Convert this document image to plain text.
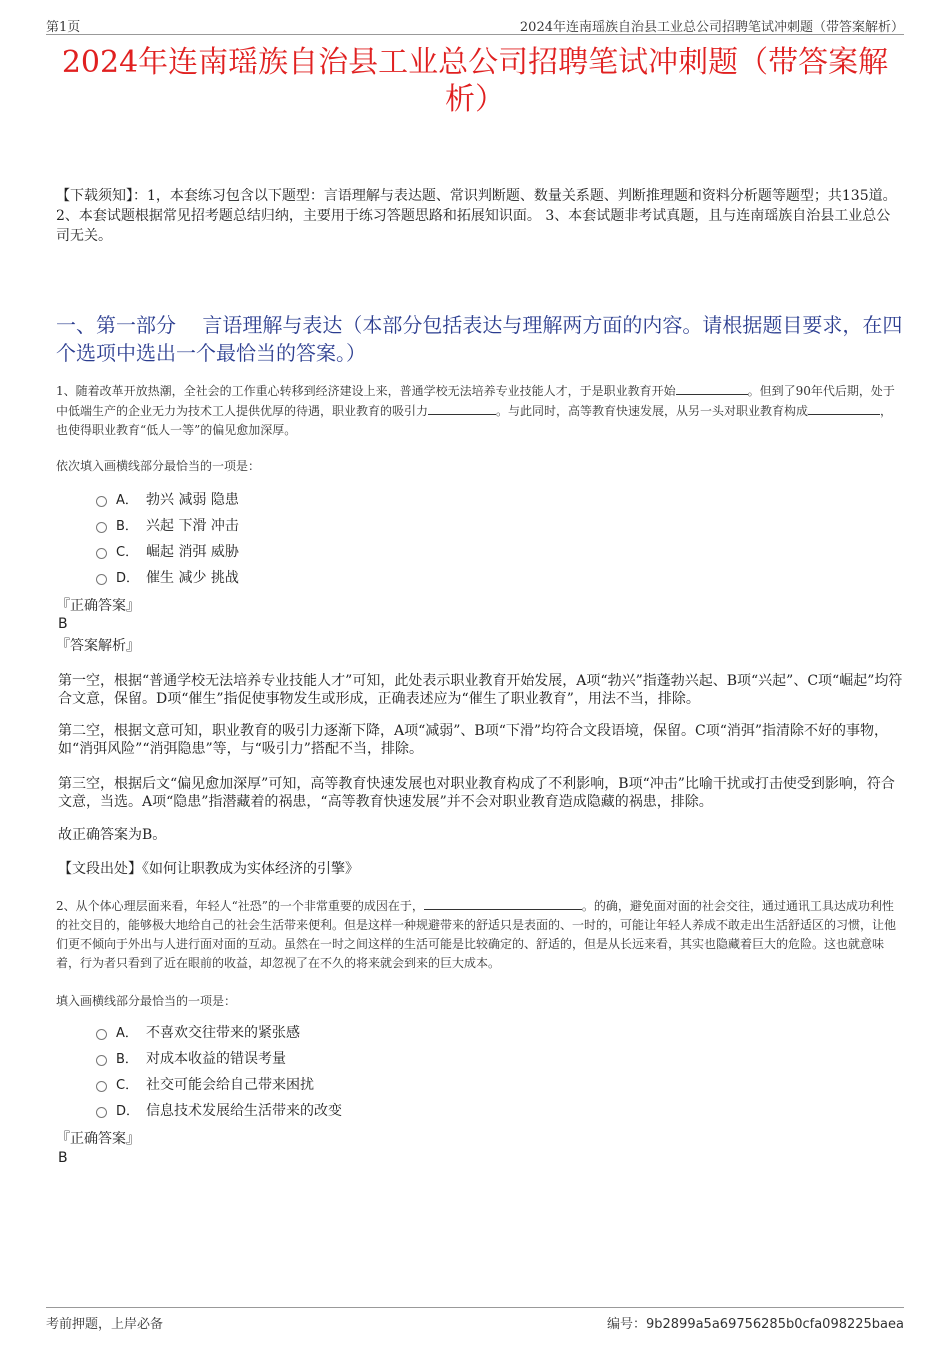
第1页	2024年连南瑶族自治县工业总公司招聘笔试冲刺题（带答案解析）
2024年连南瑶族自治县工业总公司招聘笔试冲刺题（带答案解析）
【下载须知】：1，本套练习包含以下题型：言语理解与表达题、常识判断题、数量关系题、判断推理题和资料分析题等题型；共135道。 2、本套试题根据常见招考题总结归纳，主要用于练习答题思路和拓展知识面。 3、本套试题非考试真题，且与连南瑶族自治县工业总公司无关。
一、第一部分　 言语理解与表达（本部分包括表达与理解两方面的内容。请根据题目要求，在四个选项中选出一个最恰当的答案。）

1、随着改革开放热潮，全社会的工作重心转移到经济建设上来，普通学校无法培养专业技能人才，于是职业教育开始	。但到了90年代后期，处于中低端生产的企业无力为技术工人提供优厚的待遇，职业教育的吸引力	。与此同时，高等教育快速发展，从另一头对职业教育构成	，也使得职业教育“低人一等”的偏见愈加深厚。

依次填入画横线部分最恰当的一项是：

A． 勃兴 减弱 隐患
B． 兴起 下滑 冲击
C． 崛起 消弭 威胁
D． 催生 减少 挑战
『正确答案』
B
『答案解析』

第一空，根据“普通学校无法培养专业技能人才”可知，此处表示职业教育开始发展，A项“勃兴”指蓬勃兴起、B项“兴起”、C项“崛起”均符合文意，保留。D项“催生”指促使事物发生或形成，正确表述应为“催生了职业教育”，用法不当，排除。

第二空，根据文意可知，职业教育的吸引力逐渐下降，A项“减弱”、B项“下滑”均符合文段语境，保留。C项“消弭”指清除不好的事物，如“消弭风险”“消弭隐患”等，与“吸引力”搭配不当，排除。

第三空，根据后文“偏见愈加深厚”可知，高等教育快速发展也对职业教育构成了不利影响，B项“冲击”比喻干扰或打击使受到影响，符合文意，当选。A项“隐患”指潜藏着的祸患，“高等教育快速发展”并不会对职业教育造成隐藏的祸患，排除。

故正确答案为B。

【文段出处】《如何让职教成为实体经济的引擎》

2、从个体心理层面来看，年轻人“社恐”的一个非常重要的成因在于，	。的确，避免面对面的社会交往，通过通讯工具达成功利性的社交目的，能够极大地给自己的社会生活带来便利。但是这样一种规避带来的舒适只是表面的、一时的，可能让年轻人养成不敢走出生活舒适区的习惯，让他们更不倾向于外出与人进行面对面的互动。虽然在一时之间这样的生活可能是比较确定的、舒适的，但是从长远来看，其实也隐藏着巨大的危险。这也就意味着，行为者只看到了近在眼前的收益，却忽视了在不久的将来就会到来的巨大成本。

填入画横线部分最恰当的一项是：

A． 不喜欢交往带来的紧张感
B． 对成本收益的错误考量
C． 社交可能会给自己带来困扰
D． 信息技术发展给生活带来的改变
『正确答案』
B
考前押题，上岸必备	编号：9b2899a5a69756285b0cfa098225baea
